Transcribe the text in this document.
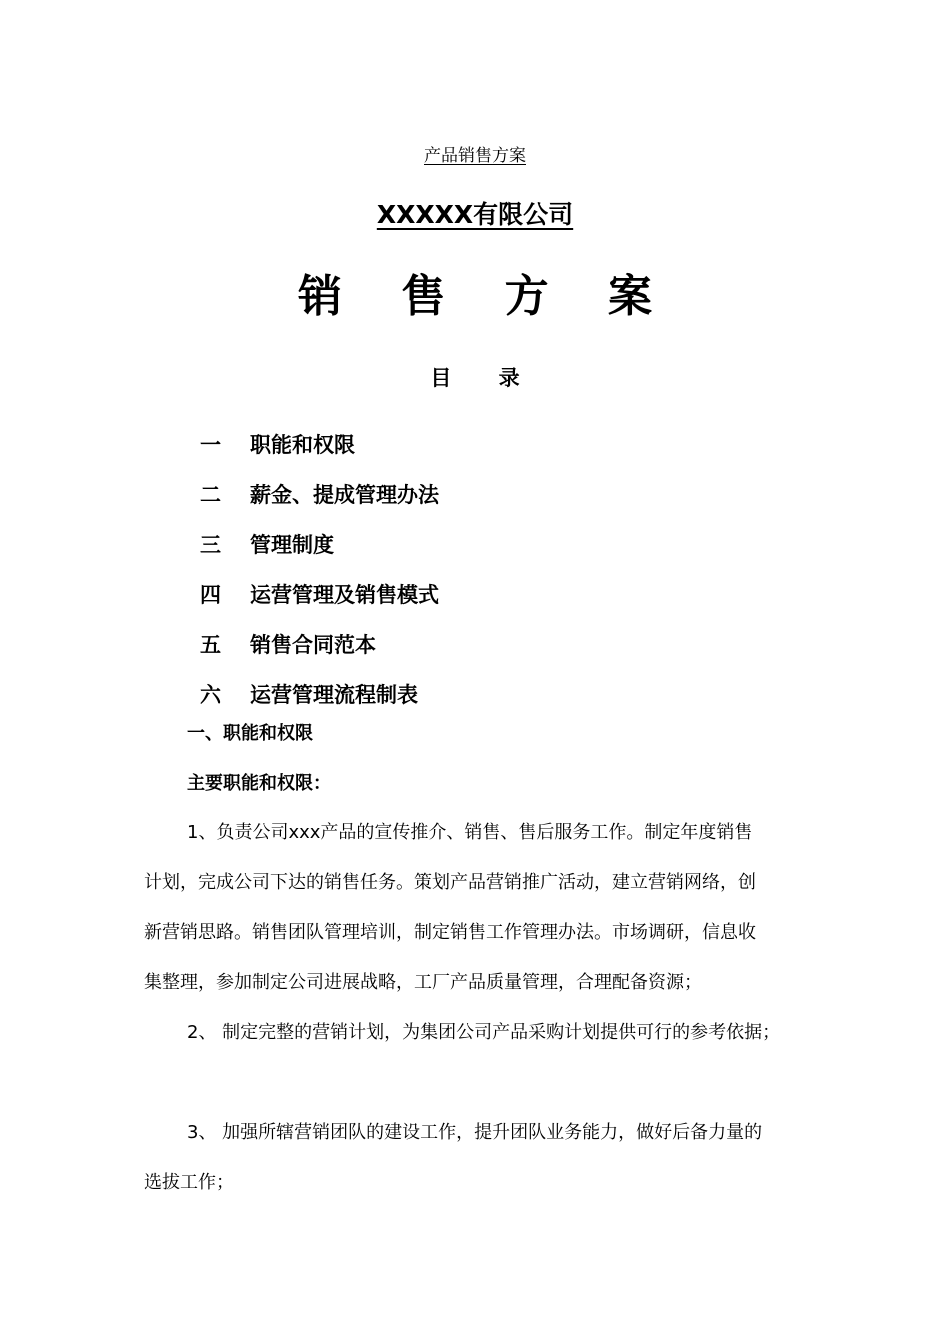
产品销售方案
XXXXX有限公司
销 售 方 案
目 录
一	职能和权限
二	薪金、提成管理办法
三	管理制度
四	运营管理及销售模式
五	销售合同范本
六	运营管理流程制表
一、职能和权限
主要职能和权限：

1、负责公司xxx产品的宣传推介、销售、售后服务工作。制定年度销售
计划，完成公司下达的销售任务。策划产品营销推广活动，建立营销网络，创
新营销思路。销售团队管理培训，制定销售工作管理办法。市场调研，信息收
集整理，参加制定公司进展战略，工厂产品质量管理，合理配备资源；

2、 制定完整的营销计划，为集团公司产品采购计划提供可行的参考依据；

3、 加强所辖营销团队的建设工作，提升团队业务能力，做好后备力量的
选拔工作；
